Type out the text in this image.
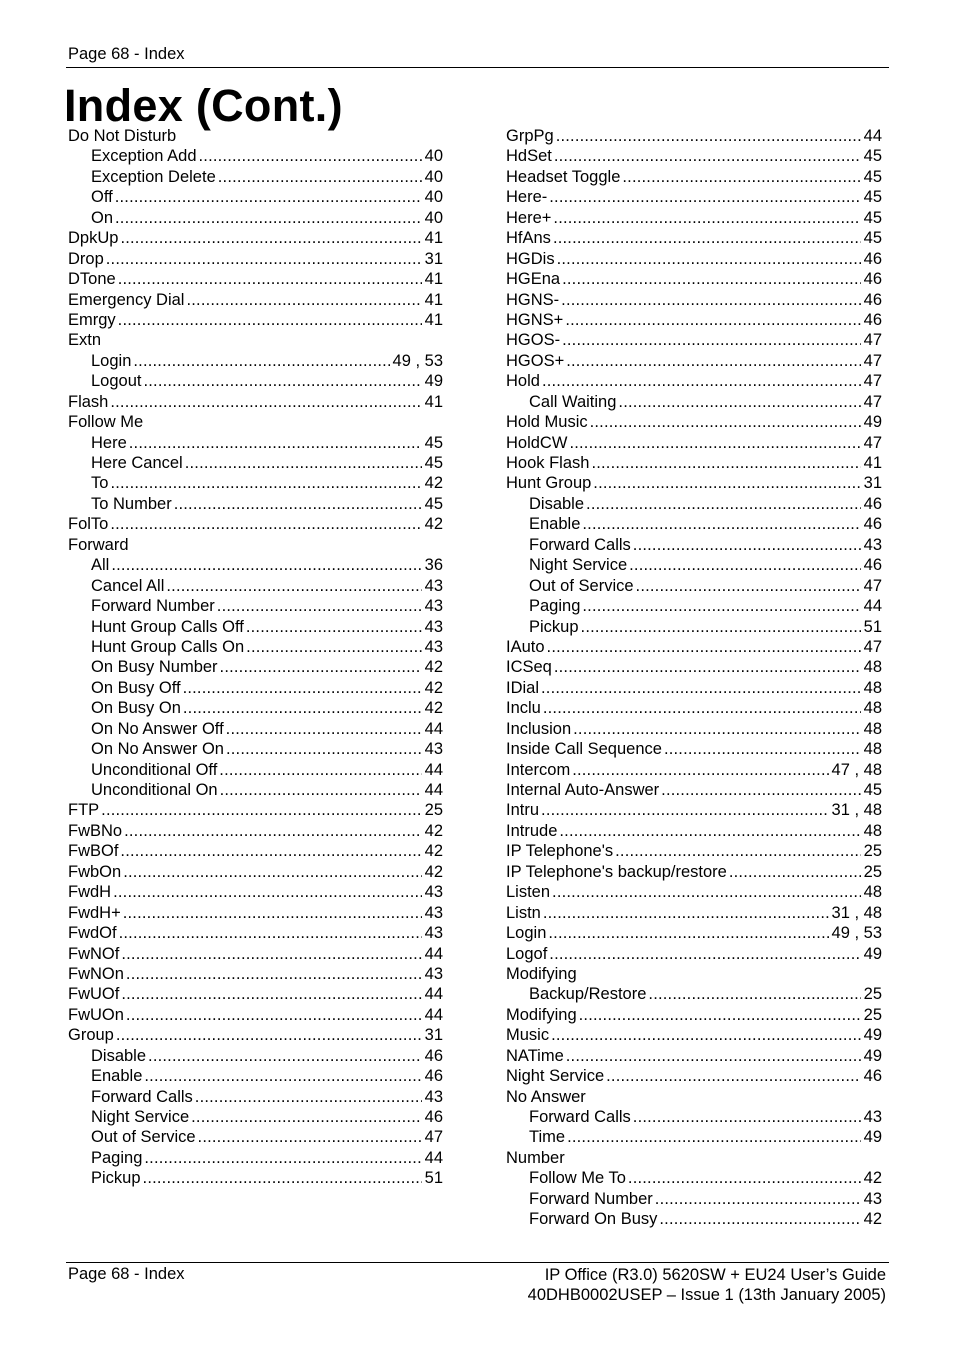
Page 68 - Index
Index (Cont.)
Do Not Disturb
Exception Add .....	40
Exception Delete .....	40
Off .....	40
On .....	40
DpkUp .....	41
Drop .....	31
DTone .....	41
Emergency Dial .....	41
Emrgy .....	41
Extn
Login .....	49 , 53
Logout .....	49
Flash .....	41
Follow Me
Here .....	45
Here Cancel .....	45
To .....	42
To Number .....	45
FolTo .....	42
Forward
All .....	36
Cancel All .....	43
Forward Number .....	43
Hunt Group Calls Off .....	43
Hunt Group Calls On .....	43
On Busy Number .....	42
On Busy Off .....	42
On Busy On .....	42
On No Answer Off .....	44
On No Answer On .....	43
Unconditional Off .....	44
Unconditional On .....	44
FTP .....	25
FwBNo .....	42
FwBOf .....	42
FwbOn .....	42
FwdH .....	43
FwdH+ .....	43
FwdOf .....	43
FwNOf .....	44
FwNOn .....	43
FwUOf .....	44
FwUOn .....	44
Group .....	31
Disable .....	46
Enable .....	46
Forward Calls .....	43
Night Service .....	46
Out of Service .....	47
Paging .....	44
Pickup .....	51
GrpPg .....	44
HdSet .....	45
Headset Toggle .....	45
Here- .....	45
Here+ .....	45
HfAns .....	45
HGDis .....	46
HGEna .....	46
HGNS- .....	46
HGNS+ .....	46
HGOS- .....	47
HGOS+ .....	47
Hold .....	47
Call Waiting .....	47
Hold Music .....	49
HoldCW .....	47
Hook Flash .....	41
Hunt Group .....	31
Disable .....	46
Enable .....	46
Forward Calls .....	43
Night Service .....	46
Out of Service .....	47
Paging .....	44
Pickup .....	51
IAuto .....	47
ICSeq .....	48
IDial .....	48
Inclu .....	48
Inclusion .....	48
Inside Call Sequence .....	48
Intercom .....	47 , 48
Internal Auto-Answer .....	45
Intru .....	31 , 48
Intrude .....	48
IP Telephone's .....	25
IP Telephone's backup/restore .....	25
Listen .....	48
Listn .....	31 , 48
Login .....	49 , 53
Logof .....	49
Modifying
Backup/Restore .....	25
Modifying .....	25
Music .....	49
NATime .....	49
Night Service .....	46
No Answer
Forward Calls .....	43
Time .....	49
Number
Follow Me To .....	42
Forward Number .....	43
Forward On Busy .....	42
Page 68 - Index	IP Office (R3.0) 5620SW + EU24 User’s Guide
40DHB0002USEP – Issue 1 (13th January 2005)
